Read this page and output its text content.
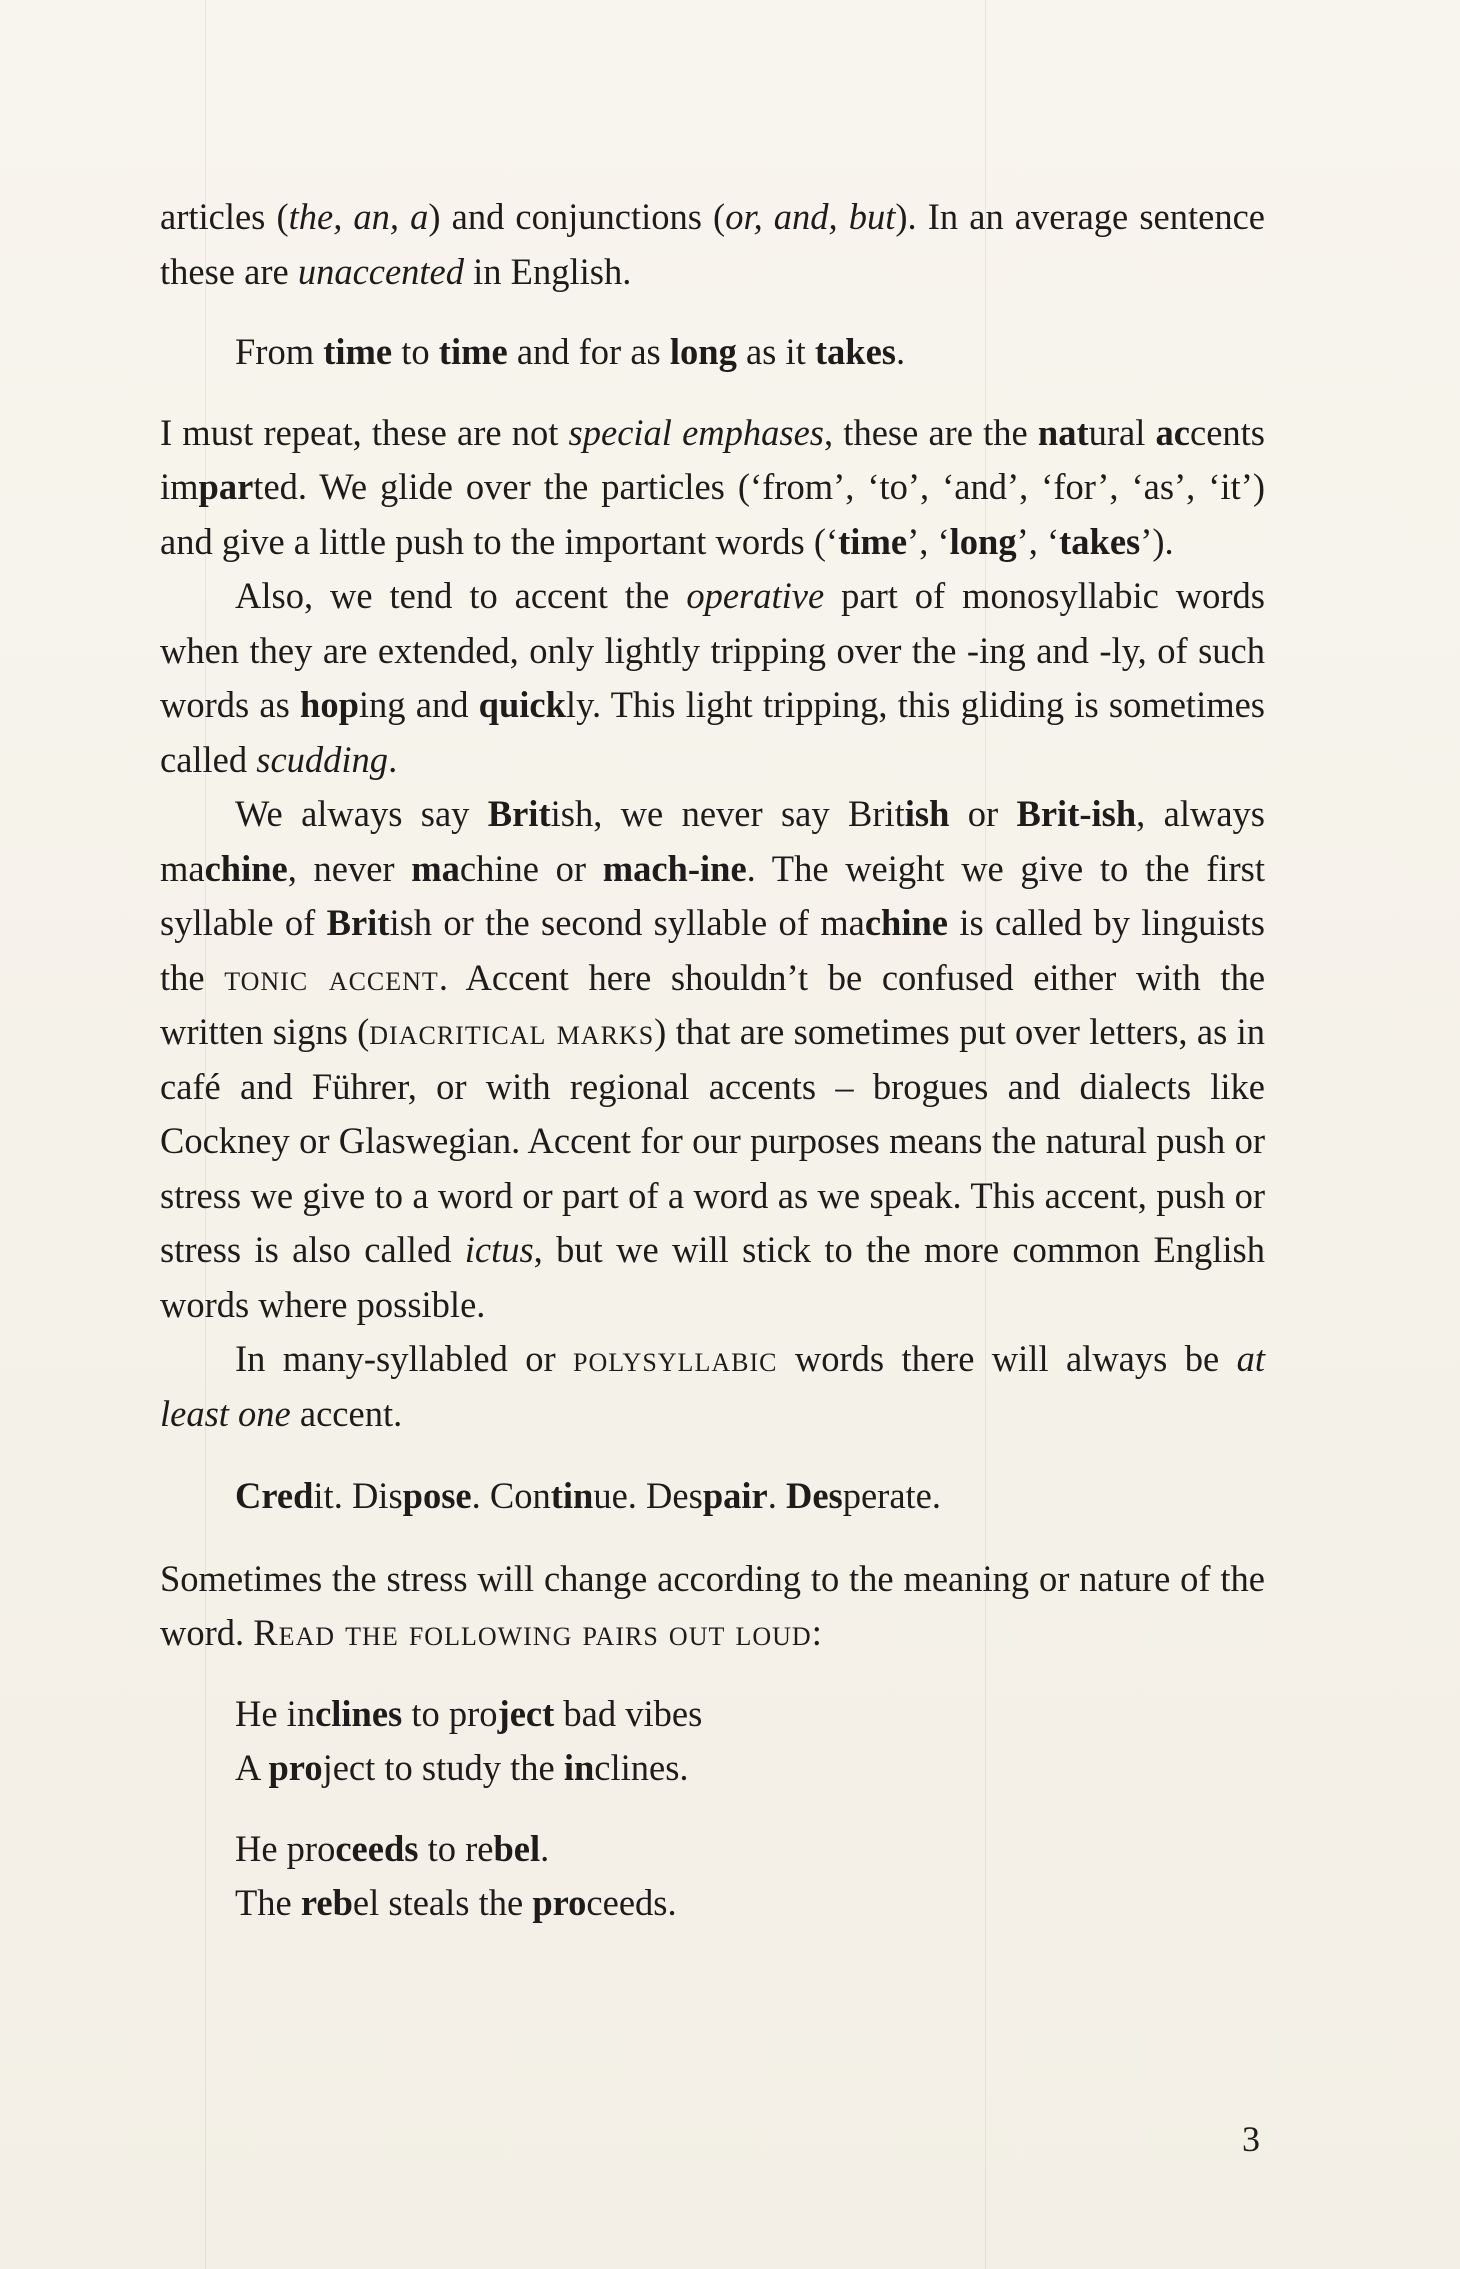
articles (the, an, a) and conjunctions (or, and, but). In an average sentence these are unaccented in English.

From time to time and for as long as it takes.

I must repeat, these are not special emphases, these are the natural accents imparted. We glide over the particles (‘from’, ‘to’, ‘and’, ‘for’, ‘as’, ‘it’) and give a little push to the important words (‘time’, ‘long’, ‘takes’).

Also, we tend to accent the operative part of monosyllabic words when they are extended, only lightly tripping over the -ing and -ly, of such words as hoping and quickly. This light tripping, this gliding is sometimes called scudding.

We always say British, we never say British or Brit-ish, always machine, never machine or mach-ine. The weight we give to the first syllable of British or the second syllable of machine is called by linguists the tonic accent. Accent here shouldn’t be confused either with the written signs (diacritical marks) that are sometimes put over letters, as in café and Führer, or with regional accents – brogues and dialects like Cockney or Glaswegian. Accent for our purposes means the natural push or stress we give to a word or part of a word as we speak. This accent, push or stress is also called ictus, but we will stick to the more common English words where possible.

In many-syllabled or polysyllabic words there will always be at least one accent.

Credit. Dispose. Continue. Despair. Desperate.

Sometimes the stress will change according to the meaning or nature of the word. Read the following pairs out loud:

He inclines to project bad vibes

A project to study the inclines.

He proceeds to rebel.

The rebel steals the proceeds.

3
